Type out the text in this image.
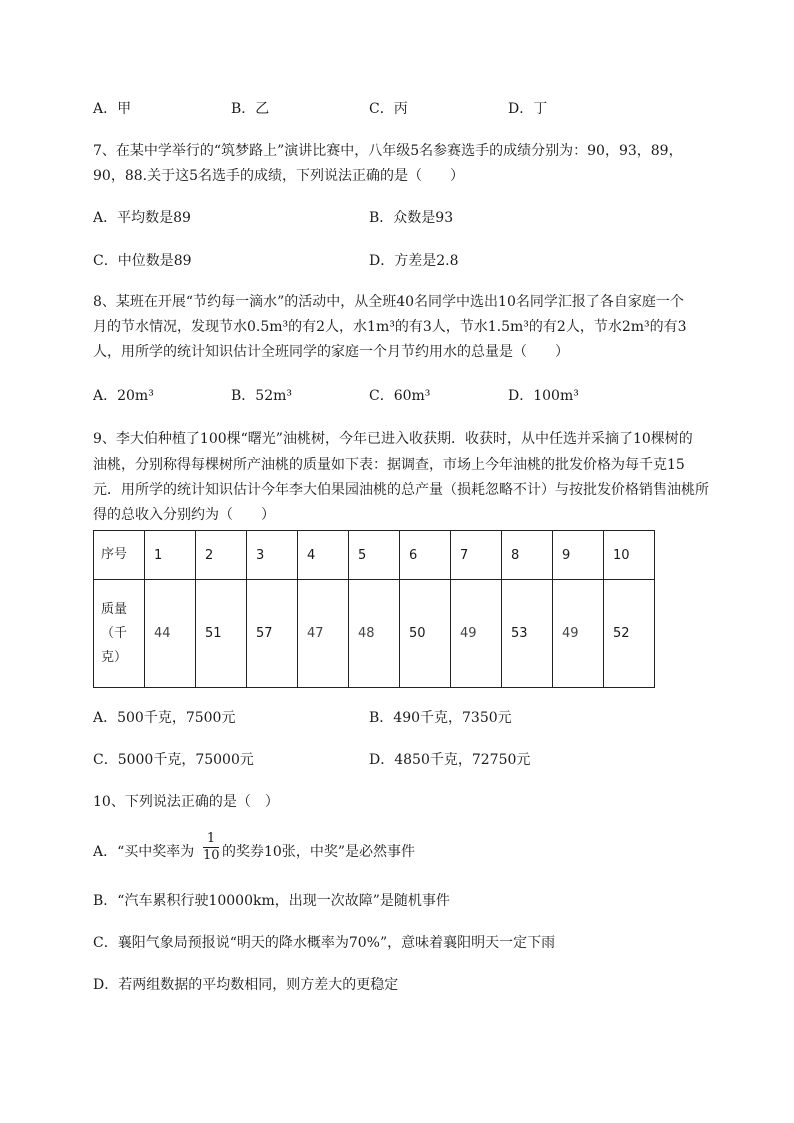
A．甲	B．乙	C．丙	D．丁
7、在某中学举行的“筑梦路上”演讲比赛中，八年级5名参赛选手的成绩分别为：90，93，89，
90，88.关于这5名选手的成绩，下列说法正确的是（　　）
A．平均数是89	B．众数是93
C．中位数是89	D．方差是2.8
8、某班在开展“节约每一滴水”的活动中，从全班40名同学中选出10名同学汇报了各自家庭一个
月的节水情况，发现节水0.5m³的有2人，水1m³的有3人，节水1.5m³的有2人，节水2m³的有3
人，用所学的统计知识估计全班同学的家庭一个月节约用水的总量是（　　）
A．20m³	B．52m³	C．60m³	D．100m³
9、李大伯种植了100棵“曙光”油桃树，今年已进入收获期．收获时，从中任选并采摘了10棵树的
油桃，分别称得每棵树所产油桃的质量如下表：据调查，市场上今年油桃的批发价格为每千克15
元．用所学的统计知识估计今年李大伯果园油桃的总产量（损耗忽略不计）与按批发价格销售油桃所
得的总收入分别约为（　　）
序号	1	2	3	4	5	6	7	8	9	10

质量
（千
克）	44	51	57	47	48	50	49	53	49	52
A．500千克，7500元	B．490千克，7350元
C．5000千克，75000元	D．4850千克，72750元
10、下列说法正确的是（　）
A．“买中奖率为 $\frac{1}{10}$ 的奖券10张，中奖”是必然事件
B．“汽车累积行驶10000km，出现一次故障”是随机事件
C．襄阳气象局预报说“明天的降水概率为70%”，意味着襄阳明天一定下雨
D．若两组数据的平均数相同，则方差大的更稳定
